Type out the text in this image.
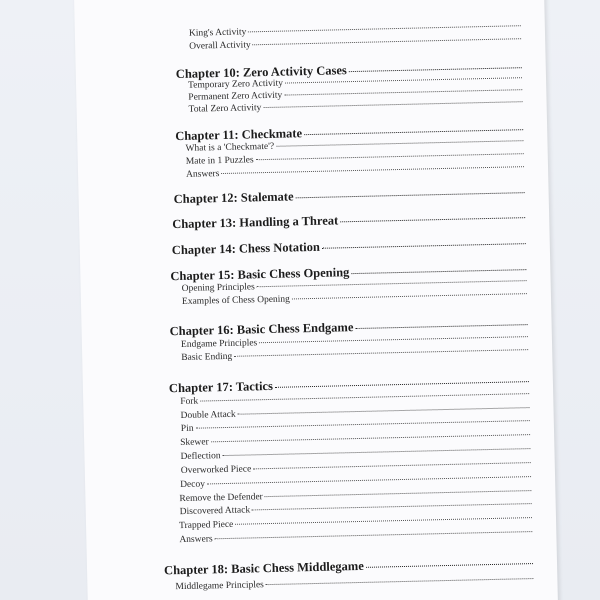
King's Activity
Overall Activity
Chapter 10: Zero Activity Cases
Temporary Zero Activity
Permanent Zero Activity
Total Zero Activity
Chapter 11: Checkmate
What is a 'Checkmate'?
Mate in 1 Puzzles
Answers
Chapter 12: Stalemate
Chapter 13: Handling a Threat
Chapter 14: Chess Notation
Chapter 15: Basic Chess Opening
Opening Principles
Examples of Chess Opening
Chapter 16: Basic Chess Endgame
Endgame Principles
Basic Ending
Chapter 17: Tactics
Fork
Double Attack
Pin
Skewer
Deflection
Overworked Piece
Decoy
Remove the Defender
Discovered Attack
Trapped Piece
Answers
Chapter 18: Basic Chess Middlegame
Middlegame Principles
